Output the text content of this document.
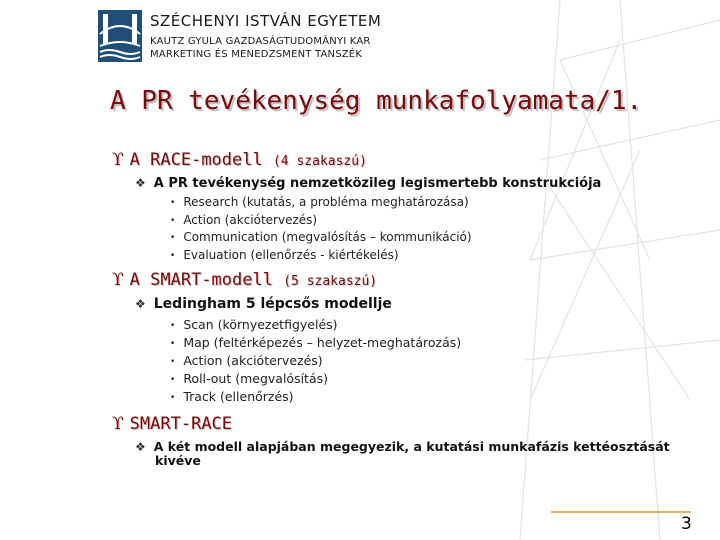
SZÉCHENYI ISTVÁN EGYETEM
KAUTZ GYULA GAZDASÁGTUDOMÁNYI KAR
MARKETING ÉS MENEDZSMENT TANSZÉK
A PR tevékenység munkafolyamata/1.
ϒ A RACE-modell (4 szakaszú)
❖ A PR tevékenység nemzetközileg legismertebb konstrukciója
• Research (kutatás, a probléma meghatározása)
• Action (akciótervezés)
• Communication (megvalósítás – kommunikáció)
• Evaluation (ellenőrzés - kiértékelés)
ϒ A SMART-modell (5 szakaszú)
❖ Ledingham 5 lépcsős modellje
• Scan (környezetfigyelés)
• Map (feltérképezés – helyzet-meghatározás)
• Action (akciótervezés)
• Roll-out (megvalósítás)
• Track (ellenőrzés)
ϒ SMART-RACE
❖ A két modell alapjában megegyezik, a kutatási munkafázis kettéosztását
kivéve
3
